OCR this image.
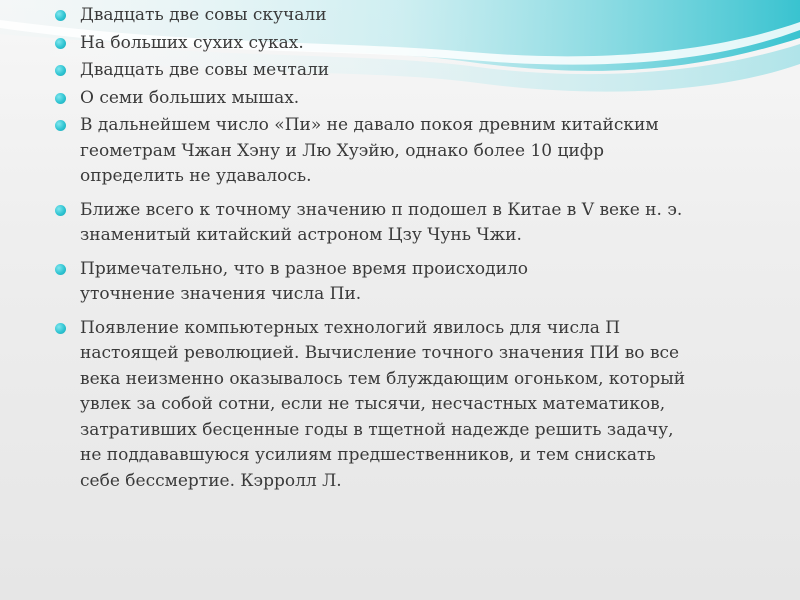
Двадцать две совы скучали
На больших сухих суках.
Двадцать две совы мечтали
О семи больших мышах.
В дальнейшем число «Пи» не давало покоя древним китайским
геометрам Чжан Хэну и Лю Хуэйю, однако более 10 цифр
определить не удавалось.
Ближе всего к точному значению π подошел в Китае в V веке н. э.
знаменитый китайский астроном Цзу Чунь Чжи.
Примечательно, что в разное время происходило
уточнение значения числа Пи.
Появление компьютерных технологий явилось для числа П
настоящей революцией. Вычисление точного значения ПИ во все
века неизменно оказывалось тем блуждающим огоньком, который
увлек за собой сотни, если не тысячи, несчастных математиков,
затративших бесценные годы в тщетной надежде решить задачу,
не поддававшуюся усилиям предшественников, и тем снискать
себе бессмертие. Кэрролл Л.
